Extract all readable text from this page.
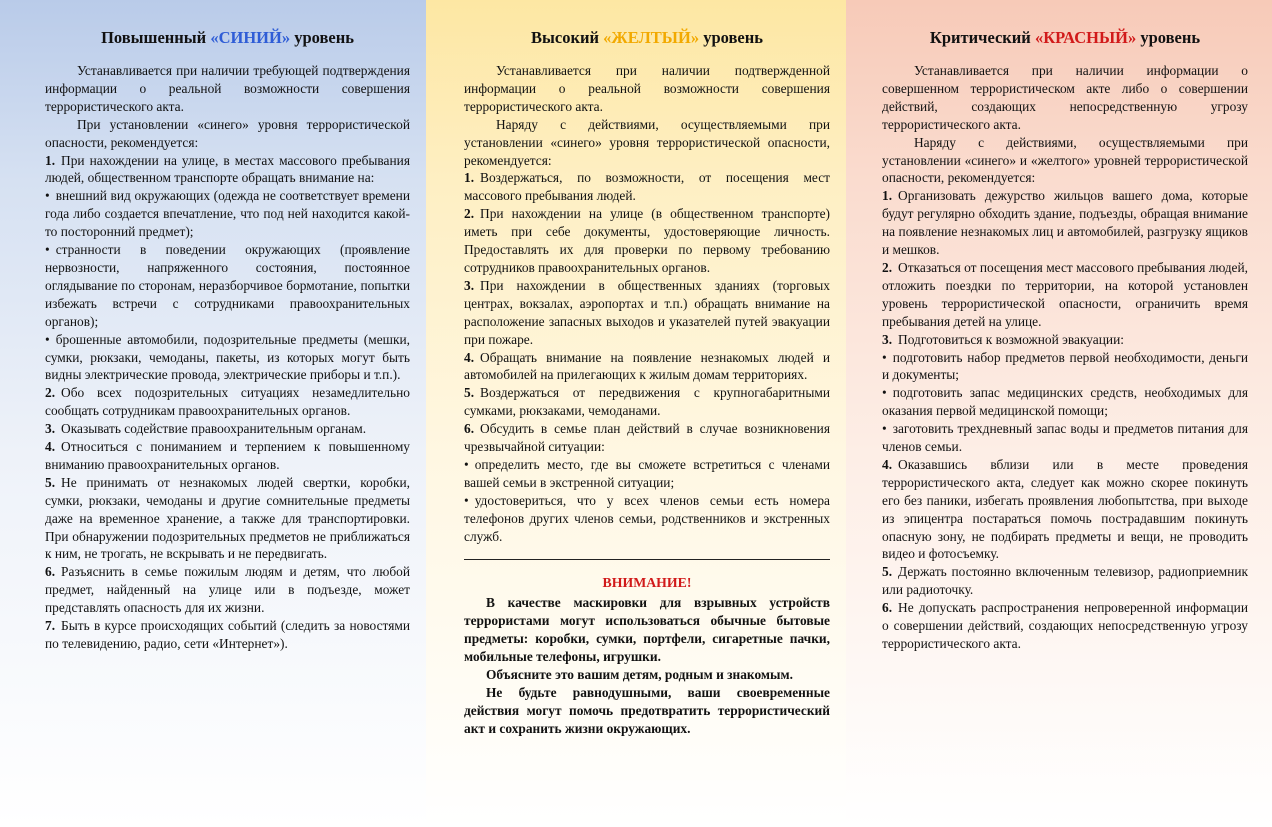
Повышенный «СИНИЙ» уровень

Устанавливается при наличии требующей подтверждения информации о реальной возможности совершения террористического акта.

При установлении «синего» уровня террористической опасности, рекомендуется:

1. При нахождении на улице, в местах массового пребывания людей, общественном транспорте обращать внимание на:

• внешний вид окружающих (одежда не соответствует времени года либо создается впечатление, что под ней находится какой-то посторонний предмет);

• странности в поведении окружающих (проявление нервозности, напряженного состояния, постоянное оглядывание по сторонам, неразборчивое бормотание, попытки избежать встречи с сотрудниками правоохранительных органов);

• брошенные автомобили, подозрительные предметы (мешки, сумки, рюкзаки, чемоданы, пакеты, из которых могут быть видны электрические провода, электрические приборы и т.п.).

2. Обо всех подозрительных ситуациях незамедлительно сообщать сотрудникам правоохранительных органов.

3. Оказывать содействие правоохранительным органам.

4. Относиться с пониманием и терпением к повышенному вниманию правоохранительных органов.

5. Не принимать от незнакомых людей свертки, коробки, сумки, рюкзаки, чемоданы и другие сомнительные предметы даже на временное хранение, а также для транспортировки. При обнаружении подозрительных предметов не приближаться к ним, не трогать, не вскрывать и не передвигать.

6. Разъяснить в семье пожилым людям и детям, что любой предмет, найденный на улице или в подъезде, может представлять опасность для их жизни.

7. Быть в курсе происходящих событий (следить за новостями по телевидению, радио, сети «Интернет»).

Высокий «ЖЕЛТЫЙ» уровень

Устанавливается при наличии подтвержденной информации о реальной возможности совершения террористического акта.

Наряду с действиями, осуществляемыми при установлении «синего» уровня террористической опасности, рекомендуется:

1. Воздержаться, по возможности, от посещения мест массового пребывания людей.

2. При нахождении на улице (в общественном транспорте) иметь при себе документы, удостоверяющие личность. Предоставлять их для проверки по первому требованию сотрудников правоохранительных органов.

3. При нахождении в общественных зданиях (торговых центрах, вокзалах, аэропортах и т.п.) обращать внимание на расположение запасных выходов и указателей путей эвакуации при пожаре.

4. Обращать внимание на появление незнакомых людей и автомобилей на прилегающих к жилым домам территориях.

5. Воздержаться от передвижения с крупногабаритными сумками, рюкзаками, чемоданами.

6. Обсудить в семье план действий в случае возникновения чрезвычайной ситуации:

• определить место, где вы сможете встретиться с членами вашей семьи в экстренной ситуации;

• удостовериться, что у всех членов семьи есть номера телефонов других членов семьи, родственников и экстренных служб.

ВНИМАНИЕ!

В качестве маскировки для взрывных устройств террористами могут использоваться обычные бытовые предметы: коробки, сумки, портфели, сигаретные пачки, мобильные телефоны, игрушки.

Объясните это вашим детям, родным и знакомым.

Не будьте равнодушными, ваши своевременные действия могут помочь предотвратить террористический акт и сохранить жизни окружающих.

Критический «КРАСНЫЙ» уровень

Устанавливается при наличии информации о совершенном террористическом акте либо о совершении действий, создающих непосредственную угрозу террористического акта.

Наряду с действиями, осуществляемыми при установлении «синего» и «желтого» уровней террористической опасности, рекомендуется:

1. Организовать дежурство жильцов вашего дома, которые будут регулярно обходить здание, подъезды, обращая внимание на появление незнакомых лиц и автомобилей, разгрузку ящиков и мешков.

2. Отказаться от посещения мест массового пребывания людей, отложить поездки по территории, на которой установлен уровень террористической опасности, ограничить время пребывания детей на улице.

3. Подготовиться к возможной эвакуации:

• подготовить набор предметов первой необходимости, деньги и документы;

• подготовить запас медицинских средств, необходимых для оказания первой медицинской помощи;

• заготовить трехдневный запас воды и предметов питания для членов семьи.

4. Оказавшись вблизи или в месте проведения террористического акта, следует как можно скорее покинуть его без паники, избегать проявления любопытства, при выходе из эпицентра постараться помочь пострадавшим покинуть опасную зону, не подбирать предметы и вещи, не проводить видео и фотосъемку.

5. Держать постоянно включенным телевизор, радиоприемник или радиоточку.

6. Не допускать распространения непроверенной информации о совершении действий, создающих непосредственную угрозу террористического акта.
